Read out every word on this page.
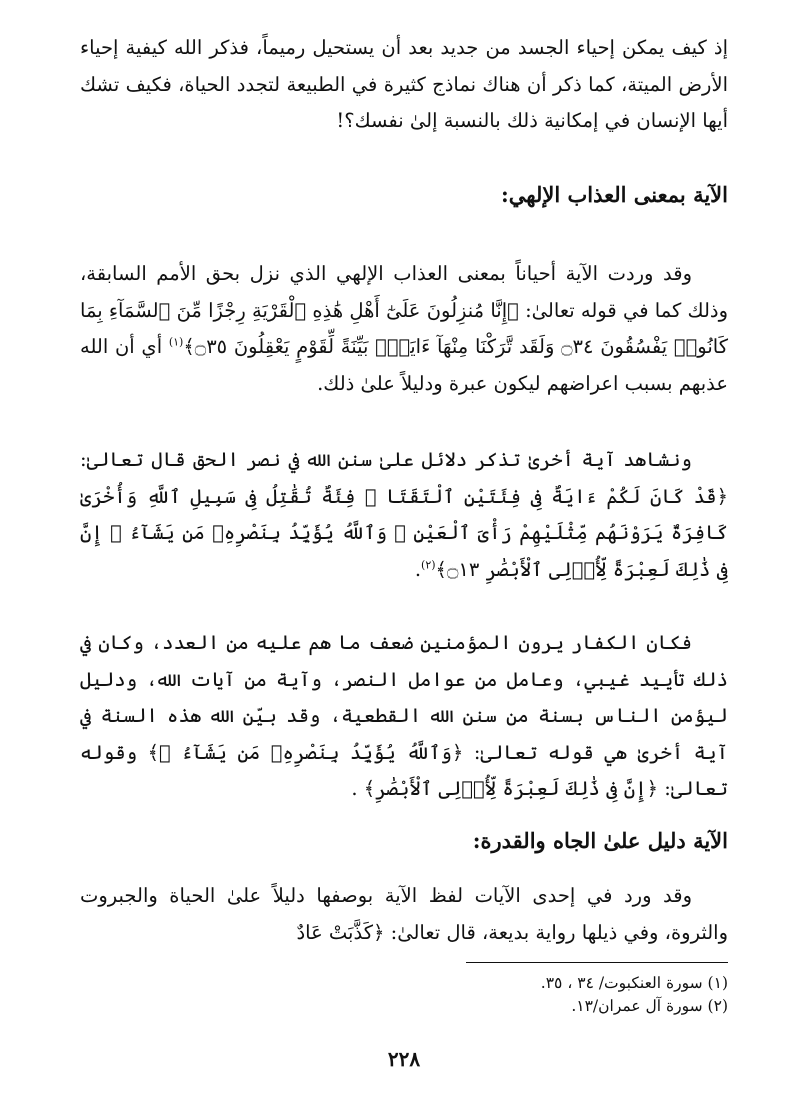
إذ كيف يمكن إحياء الجسد من جديد بعد أن يستحيل رميماً، فذكر الله كيفية إحياء الأرض الميتة، كما ذكر أن هناك نماذج كثيرة في الطبيعة لتجدد الحياة، فكيف تشك أيها الإنسان في إمكانية ذلك بالنسبة إلىٰ نفسك؟!

الآية بمعنى العذاب الإلهي:

وقد وردت الآية أحياناً بمعنى العذاب الإلهي الذي نزل بحق الأمم السابقة، وذلك كما في قوله تعالىٰ: ﴿إِنَّا مُنزِلُونَ عَلَىٰٓ أَهْلِ هَٰذِهِ ٱلْقَرْيَةِ رِجْزًا مِّنَ ٱلسَّمَآءِ بِمَا كَانُوا۟ يَفْسُقُونَ ۝٣٤ وَلَقَد تَّرَكْنَا مِنْهَآ ءَايَةًۢ بَيِّنَةً لِّقَوْمٍ يَعْقِلُونَ ۝٣٥﴾$^{(١)}$ أي أن الله عذبهم بسبب اعراضهم ليكون عبرة ودليلاً علىٰ ذلك.

ونشاهد آية أخرىٰ تذكر دلائل علىٰ سنن الله في نصر الحق قال تعالىٰ: ﴿قَدْ كَانَ لَكُمْ ءَايَةٌ فِى فِئَتَيْنِ ٱلْتَقَتَا ۖ فِئَةٌ تُقَٰتِلُ فِى سَبِيلِ ٱللَّهِ وَأُخْرَىٰ كَافِرَةٌ يَرَوْنَهُم مِّثْلَيْهِمْ رَأْىَ ٱلْعَيْنِ ۚ وَٱللَّهُ يُؤَيِّدُ بِنَصْرِهِۦ مَن يَشَآءُ ۗ إِنَّ فِى ذَٰلِكَ لَعِبْرَةً لِّأُو۟لِى ٱلْأَبْصَٰرِ ۝١٣﴾$^{(٢)}$.

فكان الكفار يرون المؤمنين ضعف ما هم عليه من العدد، وكان في ذلك تأييد غيبي، وعامل من عوامل النصر، وآية من آيات الله، ودليل ليؤمن الناس بسنة من سنن الله القطعية، وقد بيّن الله هذه السنة في آية أخرىٰ هي قوله تعالىٰ: ﴿وَٱللَّهُ يُؤَيِّدُ بِنَصْرِهِۦ مَن يَشَآءُ ۗ﴾ وقوله تعالىٰ: ﴿إِنَّ فِى ذَٰلِكَ لَعِبْرَةً لِّأُو۟لِى ٱلْأَبْصَٰرِ﴾ .

الآية دليل علىٰ الجاه والقدرة:

وقد ورد في إحدى الآيات لفظ الآية بوصفها دليلاً علىٰ الحياة والجبروت والثروة، وفي ذيلها رواية بديعة، قال تعالىٰ: ﴿كَذَّبَتْ عَادٌ

(١) سورة العنكبوت/ ٣٤ ، ٣٥.

(٢) سورة آل عمران/١٣.

٢٢٨
